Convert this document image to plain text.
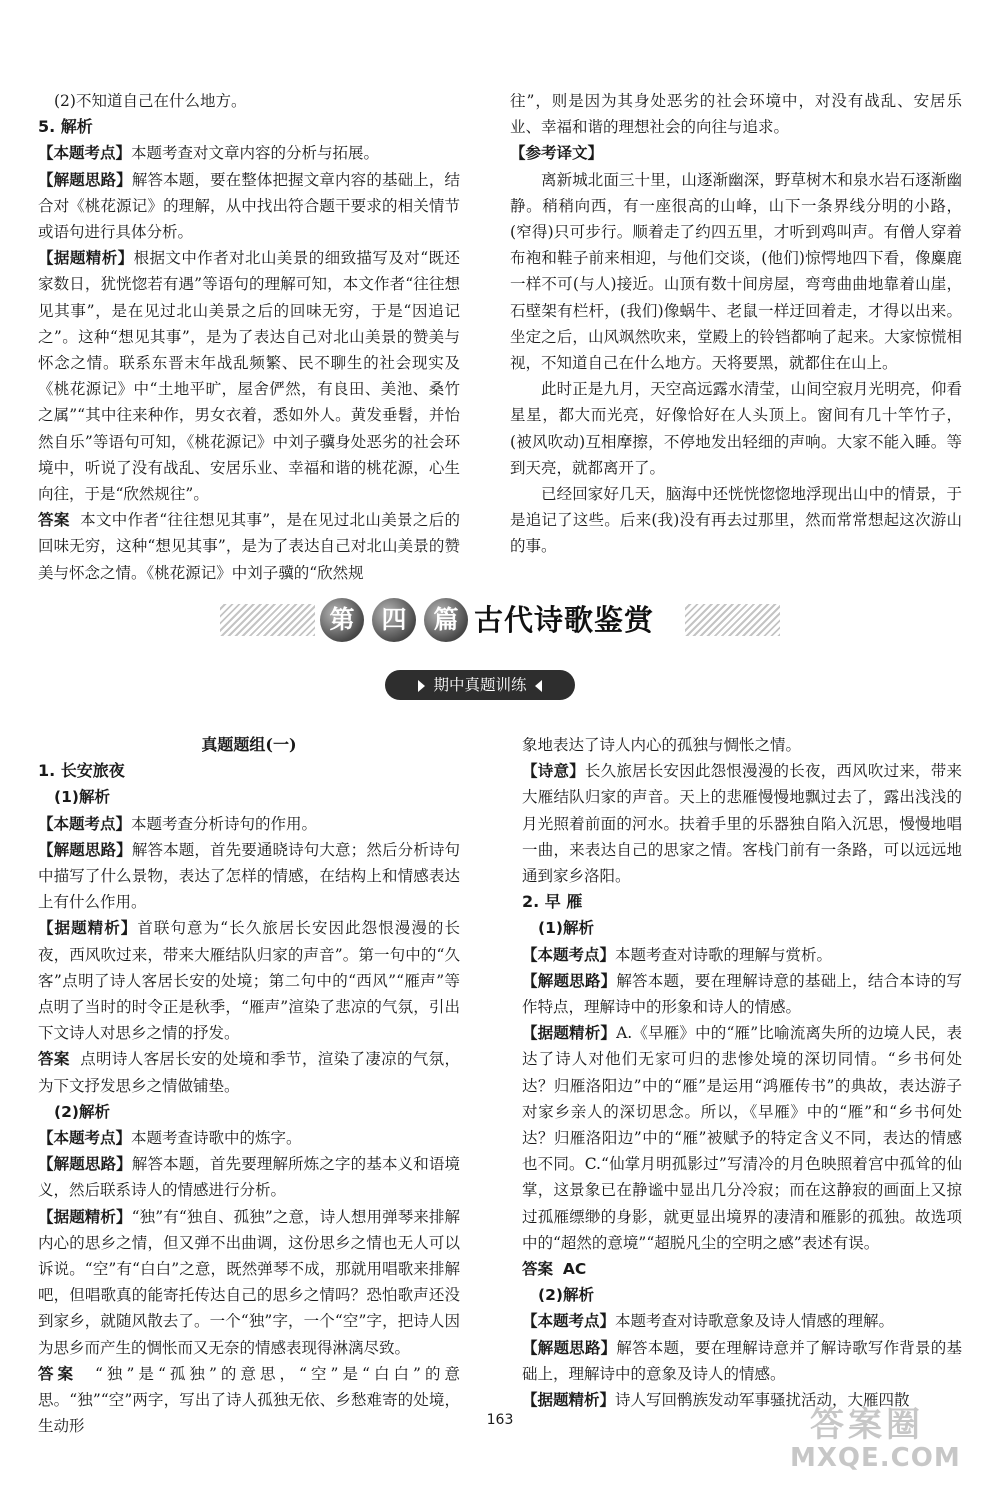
(2)不知道自己在什么地方。

5. 解析

【本题考点】本题考查对文章内容的分析与拓展。

【解题思路】解答本题，要在整体把握文章内容的基础上，结合对《桃花源记》的理解，从中找出符合题干要求的相关情节或语句进行具体分析。

【据题精析】根据文中作者对北山美景的细致描写及对“既还家数日，犹恍惚若有遇”等语句的理解可知，本文作者“往往想见其事”，是在见过北山美景之后的回味无穷，于是“因追记之”。这种“想见其事”，是为了表达自己对北山美景的赞美与怀念之情。联系东晋末年战乱频繁、民不聊生的社会现实及《桃花源记》中“土地平旷，屋舍俨然，有良田、美池、桑竹之属”“其中往来种作，男女衣着，悉如外人。黄发垂髫，并怡然自乐”等语句可知，《桃花源记》中刘子骥身处恶劣的社会环境中，听说了没有战乱、安居乐业、幸福和谐的桃花源，心生向往，于是“欣然规往”。

答案 本文中作者“往往想见其事”，是在见过北山美景之后的回味无穷，这种“想见其事”，是为了表达自己对北山美景的赞美与怀念之情。《桃花源记》中刘子骥的“欣然规

往”，则是因为其身处恶劣的社会环境中，对没有战乱、安居乐业、幸福和谐的理想社会的向往与追求。

【参考译文】

离新城北面三十里，山逐渐幽深，野草树木和泉水岩石逐渐幽静。稍稍向西，有一座很高的山峰，山下一条界线分明的小路，(窄得)只可步行。顺着走了约四五里，才听到鸡叫声。有僧人穿着布袍和鞋子前来相迎，与他们交谈，(他们)惊愕地四下看，像麋鹿一样不可(与人)接近。山顶有数十间房屋，弯弯曲曲地靠着山崖，石壁架有栏杆，(我们)像蜗牛、老鼠一样迂回着走，才得以出来。坐定之后，山风飒然吹来，堂殿上的铃铛都响了起来。大家惊慌相视，不知道自己在什么地方。天将要黑，就都住在山上。

此时正是九月，天空高远露水清莹，山间空寂月光明亮，仰看星星，都大而光亮，好像恰好在人头顶上。窗间有几十竿竹子，(被风吹动)互相摩擦，不停地发出轻细的声响。大家不能入睡。等到天亮，就都离开了。

已经回家好几天，脑海中还恍恍惚惚地浮现出山中的情景，于是追记了这些。后来(我)没有再去过那里，然而常常想起这次游山的事。

第	四	篇 古代诗歌鉴赏
期中真题训练

真题题组(一)

1. 长安旅夜

(1)解析

【本题考点】本题考查分析诗句的作用。

【解题思路】解答本题，首先要通晓诗句大意；然后分析诗句中描写了什么景物，表达了怎样的情感，在结构上和情感表达上有什么作用。

【据题精析】首联句意为“长久旅居长安因此怨恨漫漫的长夜，西风吹过来，带来大雁结队归家的声音”。第一句中的“久客”点明了诗人客居长安的处境；第二句中的“西风”“雁声”等点明了当时的时令正是秋季，“雁声”渲染了悲凉的气氛，引出下文诗人对思乡之情的抒发。

答案 点明诗人客居长安的处境和季节，渲染了凄凉的气氛，为下文抒发思乡之情做铺垫。

(2)解析

【本题考点】本题考查诗歌中的炼字。

【解题思路】解答本题，首先要理解所炼之字的基本义和语境义，然后联系诗人的情感进行分析。

【据题精析】“独”有“独自、孤独”之意，诗人想用弹琴来排解内心的思乡之情，但又弹不出曲调，这份思乡之情也无人可以诉说。“空”有“白白”之意，既然弹琴不成，那就用唱歌来排解吧，但唱歌真的能寄托传达自己的思乡之情吗？恐怕歌声还没到家乡，就随风散去了。一个“独”字，一个“空”字，把诗人因为思乡而产生的惆怅而又无奈的情感表现得淋漓尽致。

答案 “独”是“孤独”的意思，“空”是“白白”的意思。“独”“空”两字，写出了诗人孤独无依、乡愁难寄的处境，生动形

象地表达了诗人内心的孤独与惆怅之情。

【诗意】长久旅居长安因此怨恨漫漫的长夜，西风吹过来，带来大雁结队归家的声音。天上的悲雁慢慢地飘过去了，露出浅浅的月光照着前面的河水。扶着手里的乐器独自陷入沉思，慢慢地唱一曲，来表达自己的思家之情。客栈门前有一条路，可以远远地通到家乡洛阳。

2. 早 雁

(1)解析

【本题考点】本题考查对诗歌的理解与赏析。

【解题思路】解答本题，要在理解诗意的基础上，结合本诗的写作特点，理解诗中的形象和诗人的情感。

【据题精析】A.《早雁》中的“雁”比喻流离失所的边境人民，表达了诗人对他们无家可归的悲惨处境的深切同情。“乡书何处达？归雁洛阳边”中的“雁”是运用“鸿雁传书”的典故，表达游子对家乡亲人的深切思念。所以，《早雁》中的“雁”和“乡书何处达？归雁洛阳边”中的“雁”被赋予的特定含义不同，表达的情感也不同。C.“仙掌月明孤影过”写清冷的月色映照着宫中孤耸的仙掌，这景象已在静谧中显出几分冷寂；而在这静寂的画面上又掠过孤雁缥缈的身影，就更显出境界的凄清和雁影的孤独。故选项中的“超然的意境”“超脱凡尘的空明之感”表述有误。

答案 AC

(2)解析

【本题考点】本题考查对诗歌意象及诗人情感的理解。

【解题思路】解答本题，要在理解诗意并了解诗歌写作背景的基础上，理解诗中的意象及诗人的情感。

【据题精析】诗人写回鹘族发动军事骚扰活动，大雁四散

163	答案圈
MXQE.COM
